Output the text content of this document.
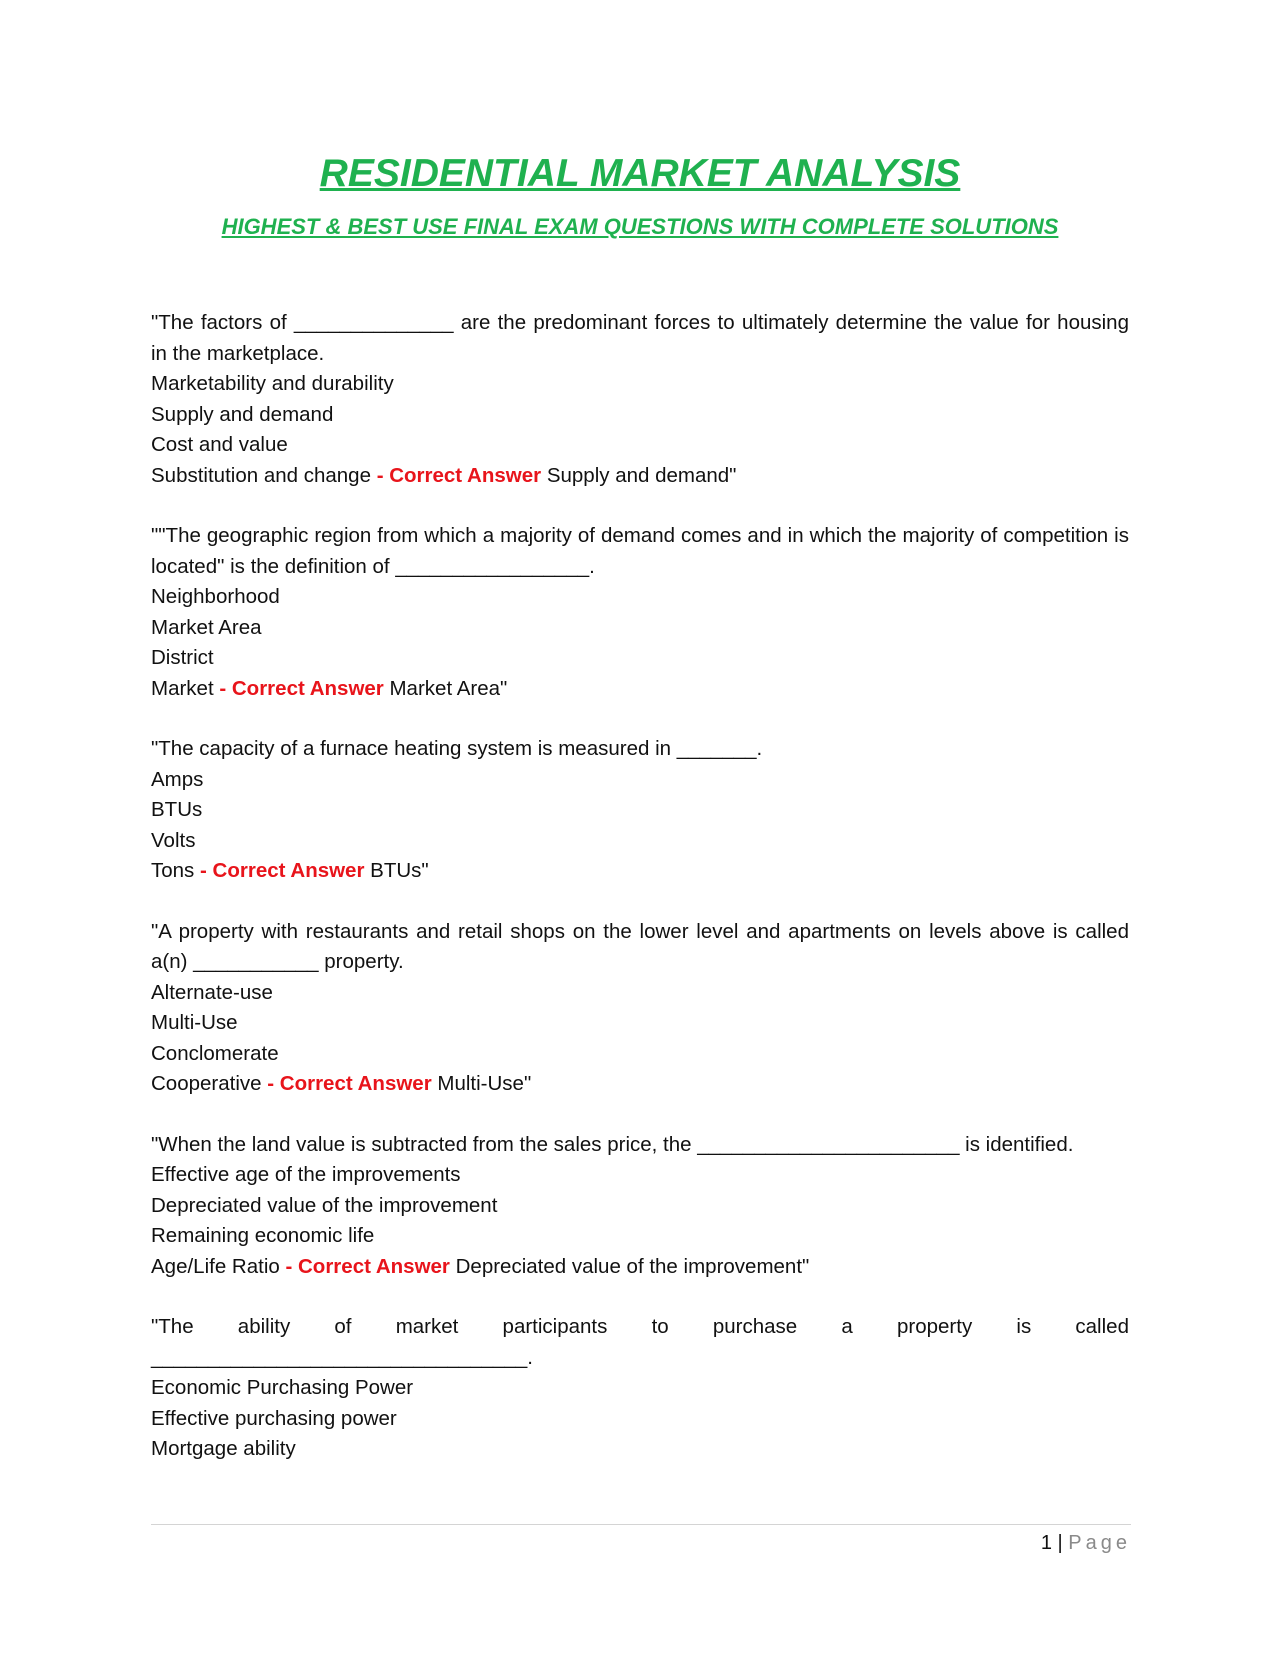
RESIDENTIAL MARKET ANALYSIS
HIGHEST & BEST USE FINAL EXAM QUESTIONS WITH COMPLETE SOLUTIONS
"The factors of ______________ are the predominant forces to ultimately determine the value for housing in the marketplace.
Marketability and durability
Supply and demand
Cost and value
Substitution and change - Correct Answer Supply and demand"
""The geographic region from which a majority of demand comes and in which the majority of competition is located" is the definition of _________________.
Neighborhood
Market Area
District
Market - Correct Answer Market Area"
"The capacity of a furnace heating system is measured in _______.
Amps
BTUs
Volts
Tons - Correct Answer BTUs"
"A property with restaurants and retail shops on the lower level and apartments on levels above is called a(n) ___________ property.
Alternate-use
Multi-Use
Conclomerate
Cooperative - Correct Answer Multi-Use"
"When the land value is subtracted from the sales price, the _______________________ is identified.
Effective age of the improvements
Depreciated value of the improvement
Remaining economic life
Age/Life Ratio - Correct Answer Depreciated value of the improvement"
"The ability of market participants to purchase a property is called
_________________________________.
Economic Purchasing Power
Effective purchasing power
Mortgage ability
1 | Page
